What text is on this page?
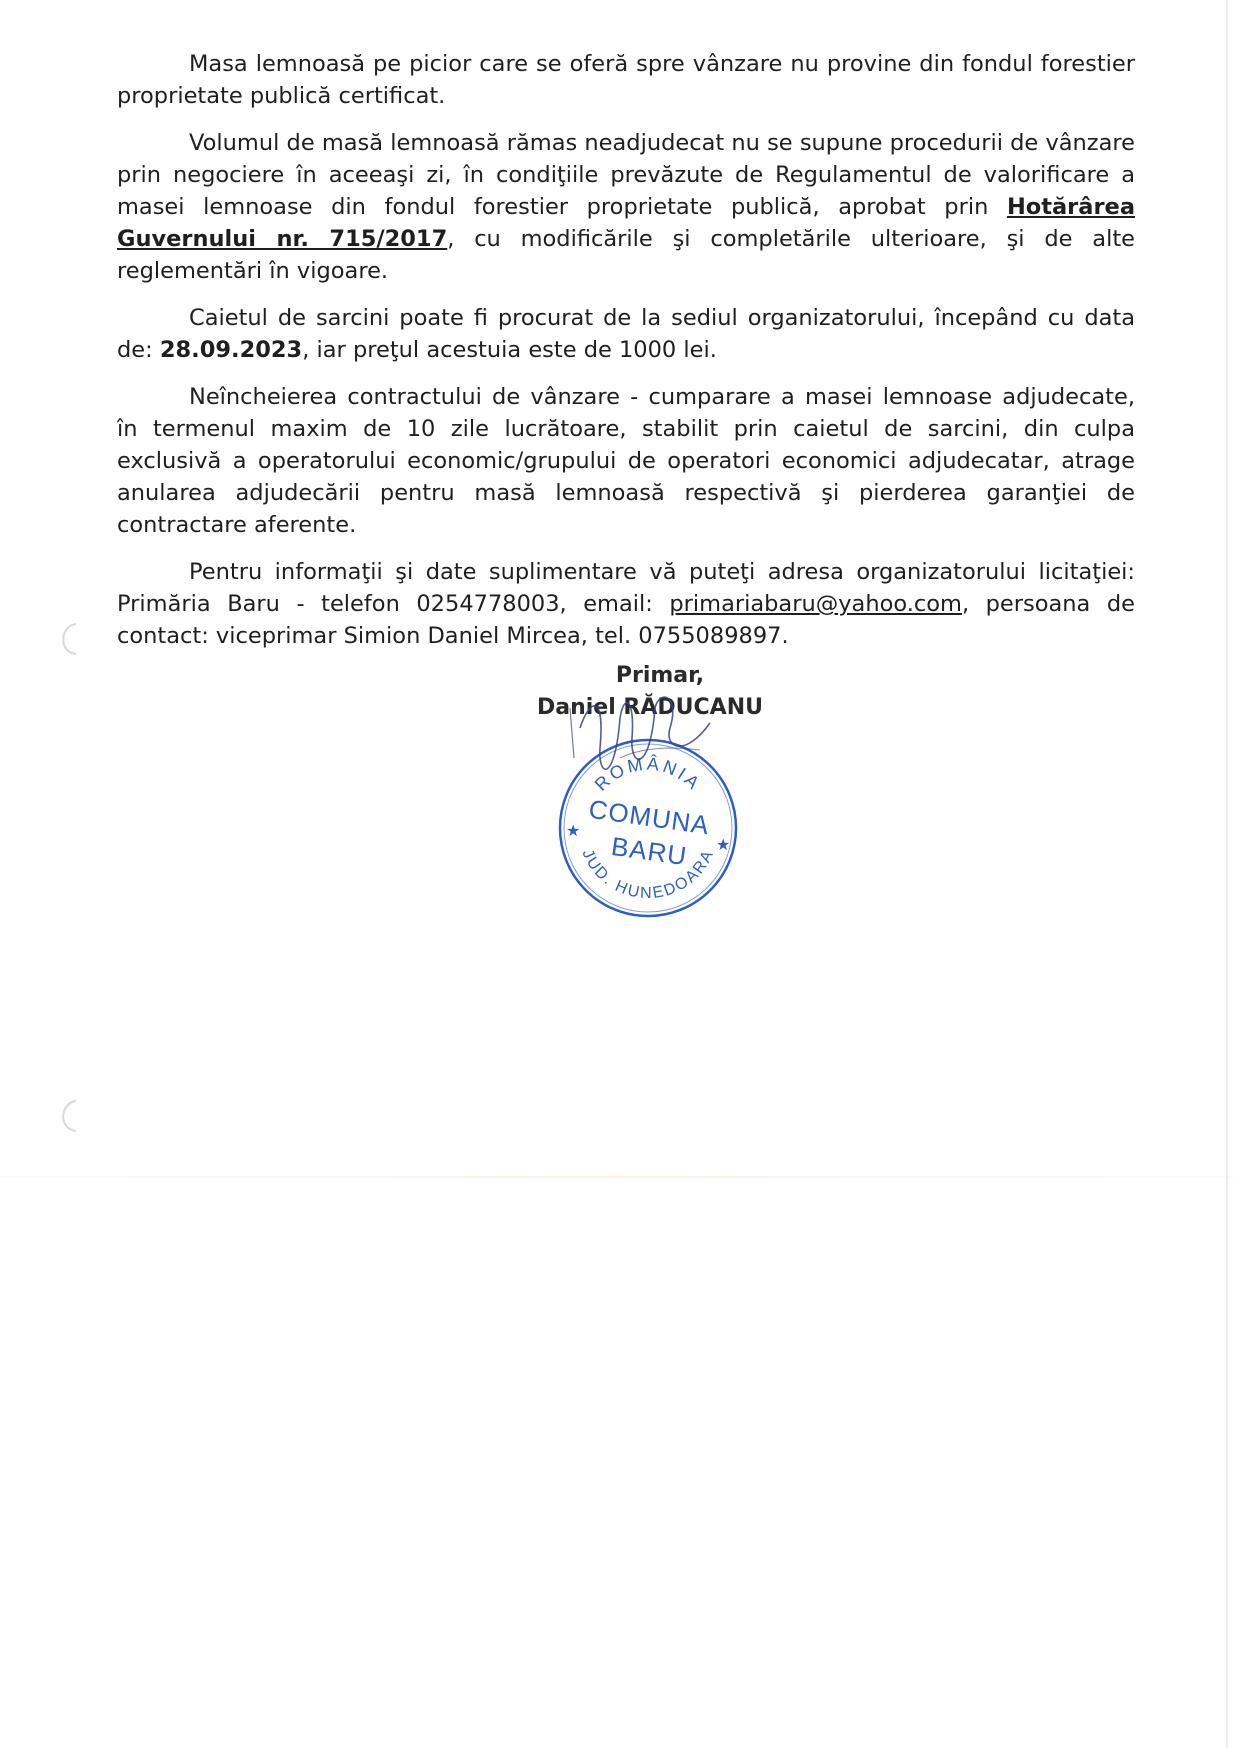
Masa lemnoasă pe picior care se oferă spre vânzare nu provine din fondul forestier proprietate publică certificat.

Volumul de masă lemnoasă rămas neadjudecat nu se supune procedurii de vânzare prin negociere în aceeaşi zi, în condiţiile prevăzute de Regulamentul de valorificare a masei lemnoase din fondul forestier proprietate publică, aprobat prin Hotărârea Guvernului nr. 715/2017, cu modificările şi completările ulterioare, şi de alte reglementări în vigoare.

Caietul de sarcini poate fi procurat de la sediul organizatorului, începând cu data de: 28.09.2023, iar preţul acestuia este de 1000 lei.

Neîncheierea contractului de vânzare - cumparare a masei lemnoase adjudecate, în termenul maxim de 10 zile lucrătoare, stabilit prin caietul de sarcini, din culpa exclusivă a operatorului economic/grupului de operatori economici adjudecatar, atrage anularea adjudecării pentru masă lemnoasă respectivă şi pierderea garanţiei de contractare aferente.

Pentru informaţii şi date suplimentare vă puteţi adresa organizatorului licitaţiei: Primăria Baru - telefon 0254778003, email: primariabaru@yahoo.com, persoana de contact: viceprimar Simion Daniel Mircea, tel. 0755089897.

Primar,
Daniel RĂDUCANU
ROMÂNIA
COMUNA
BARU
JUD. HUNEDOARA
★
★
